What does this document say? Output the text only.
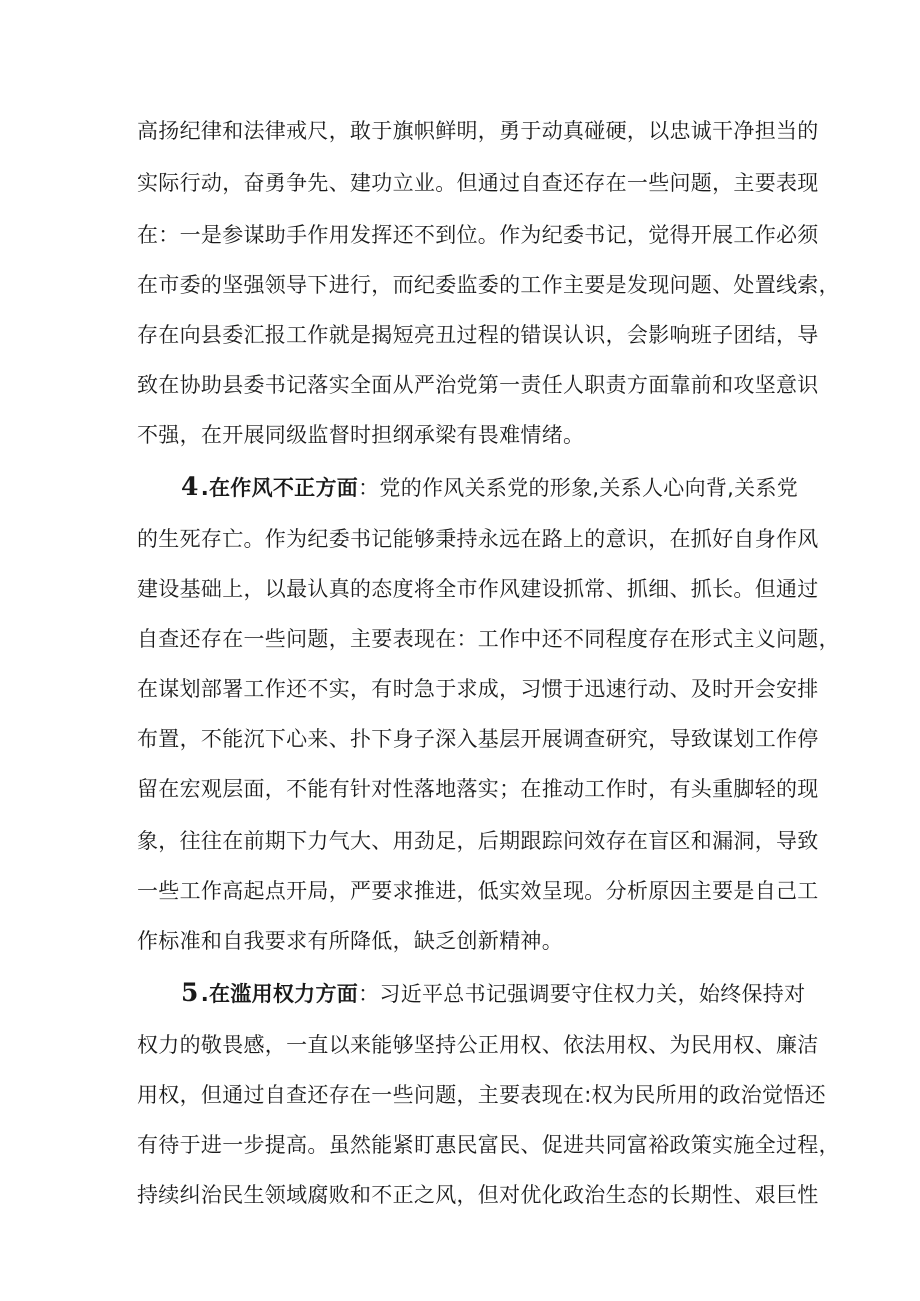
高扬纪律和法律戒尺，敢于旗帜鲜明，勇于动真碰硬，以忠诚干净担当的
实际行动，奋勇争先、建功立业。但通过自查还存在一些问题，主要表现
在：一是参谋助手作用发挥还不到位。作为纪委书记，觉得开展工作必须
在市委的坚强领导下进行，而纪委监委的工作主要是发现问题、处置线索，
存在向县委汇报工作就是揭短亮丑过程的错误认识，会影响班子团结，导
致在协助县委书记落实全面从严治党第一责任人职责方面靠前和攻坚意识
不强，在开展同级监督时担纲承梁有畏难情绪。
4.在作风不正方面：党的作风关系党的形象,关系人心向背,关系党
的生死存亡。作为纪委书记能够秉持永远在路上的意识，在抓好自身作风
建设基础上，以最认真的态度将全市作风建设抓常、抓细、抓长。但通过
自查还存在一些问题，主要表现在：工作中还不同程度存在形式主义问题，
在谋划部署工作还不实，有时急于求成，习惯于迅速行动、及时开会安排
布置，不能沉下心来、扑下身子深入基层开展调查研究，导致谋划工作停
留在宏观层面，不能有针对性落地落实；在推动工作时，有头重脚轻的现
象，往往在前期下力气大、用劲足，后期跟踪问效存在盲区和漏洞，导致
一些工作高起点开局，严要求推进，低实效呈现。分析原因主要是自己工
作标准和自我要求有所降低，缺乏创新精神。
5.在滥用权力方面：习近平总书记强调要守住权力关，始终保持对
权力的敬畏感，一直以来能够坚持公正用权、依法用权、为民用权、廉洁
用权，但通过自查还存在一些问题，主要表现在:权为民所用的政治觉悟还
有待于进一步提高。虽然能紧盯惠民富民、促进共同富裕政策实施全过程，
持续纠治民生领域腐败和不正之风，但对优化政治生态的长期性、艰巨性
